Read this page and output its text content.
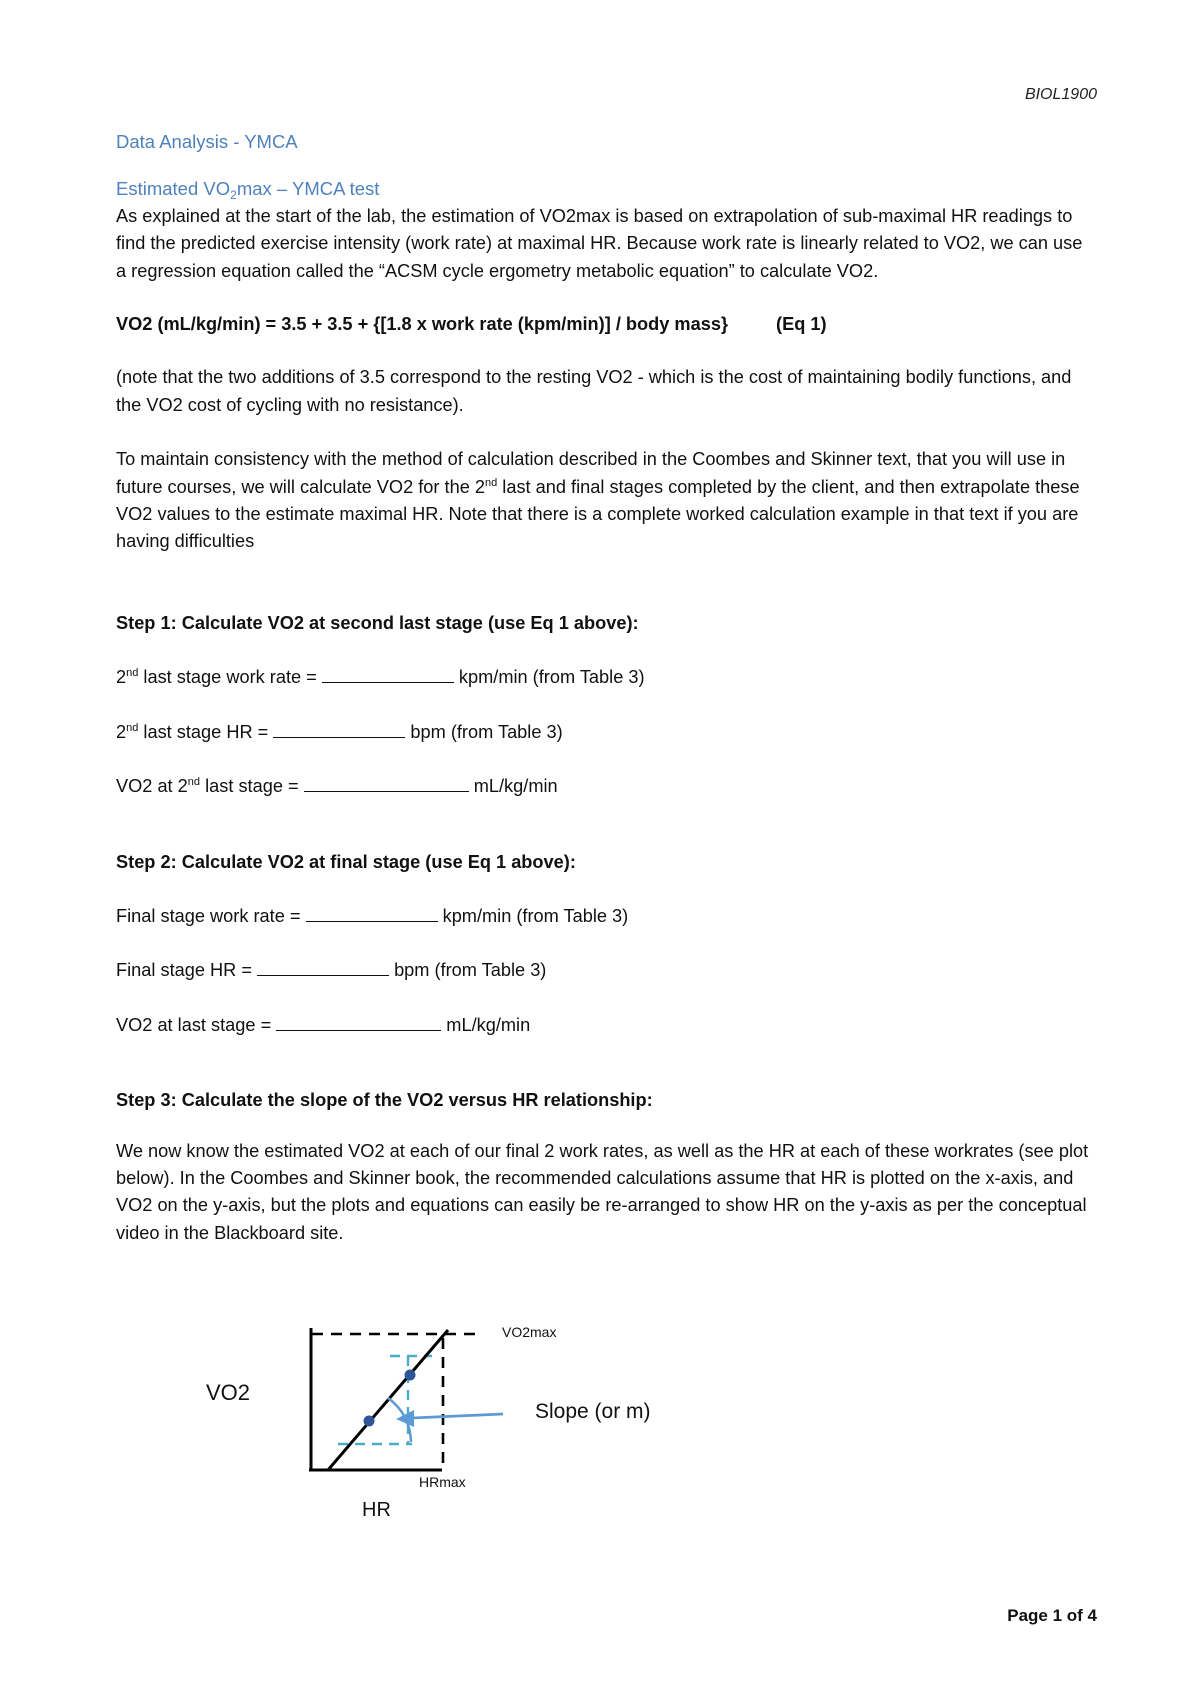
BIOL1900

Data Analysis - YMCA

Estimated $VO_2\max$ – YMCA test

As explained at the start of the lab, the estimation of VO2max is based on extrapolation of sub-maximal HR readings to find the predicted exercise intensity (work rate) at maximal HR. Because work rate is linearly related to VO2, we can use a regression equation called the “ACSM cycle ergometry metabolic equation” to calculate VO2.

VO2 (mL/kg/min) = 3.5 + 3.5 + {[1.8 x work rate (kpm/min)] / body mass}	(Eq 1)

(note that the two additions of 3.5 correspond to the resting VO2 - which is the cost of maintaining bodily functions, and the VO2 cost of cycling with no resistance).

To maintain consistency with the method of calculation described in the Coombes and Skinner text, that you will use in future courses, we will calculate VO2 for the 2nd last and final stages completed by the client, and then extrapolate these VO2 values to the estimate maximal HR. Note that there is a complete worked calculation example in that text if you are having difficulties

Step 1: Calculate VO2 at second last stage (use Eq 1 above):

2nd last stage work rate =	kpm/min (from Table 3)

2nd last stage HR =	bpm (from Table 3)

VO2 at 2nd last stage =	mL/kg/min

Step 2: Calculate VO2 at final stage (use Eq 1 above):

Final stage work rate =	kpm/min (from Table 3)

Final stage HR =	bpm (from Table 3)

VO2 at last stage =	mL/kg/min

Step 3: Calculate the slope of the VO2 versus HR relationship:

We now know the estimated VO2 at each of our final 2 work rates, as well as the HR at each of these workrates (see plot below). In the Coombes and Skinner book, the recommended calculations assume that HR is plotted on the x-axis, and VO2 on the y-axis, but the plots and equations can easily be re-arranged to show HR on the y-axis as per the conceptual video in the Blackboard site.

VO2
HR
HRmax
VO2max
Slope (or m)
Page 1 of 4
